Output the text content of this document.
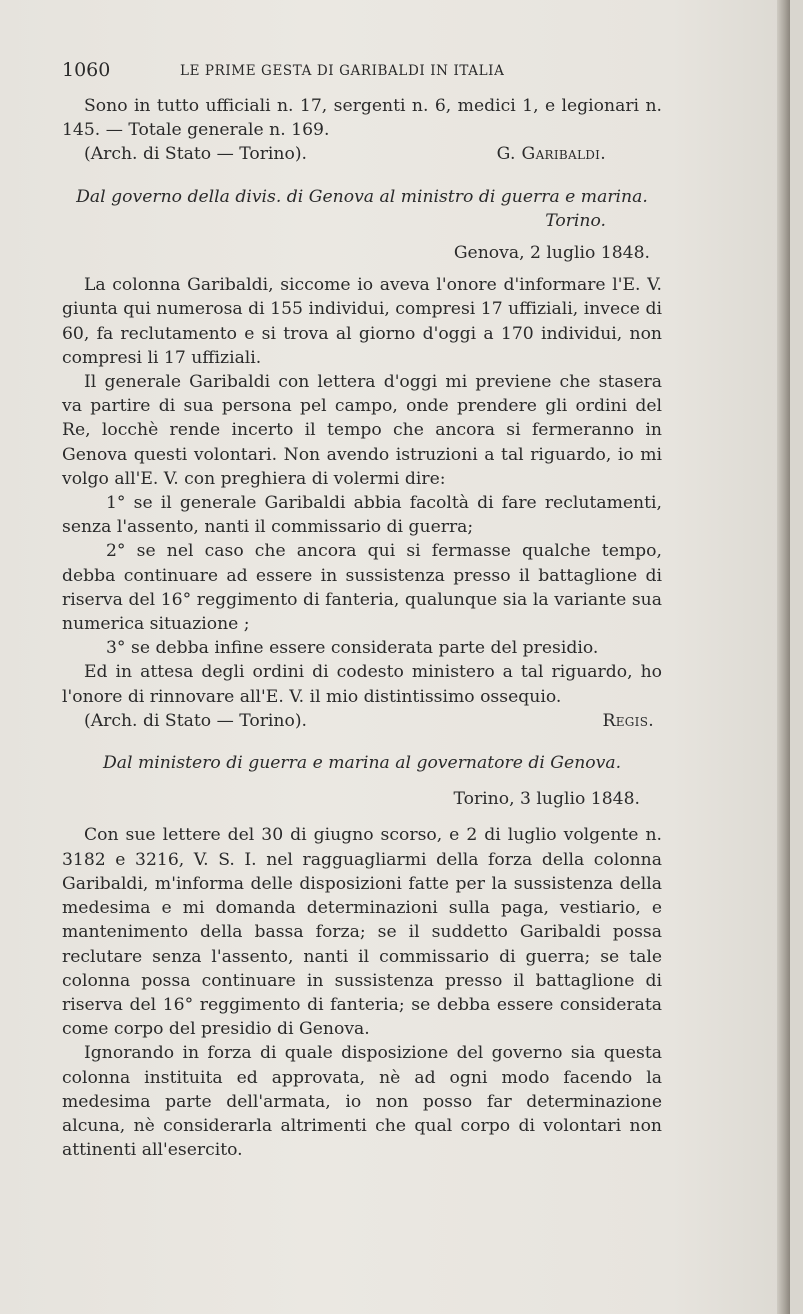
1060	LE PRIME GESTA DI GARIBALDI IN ITALIA

Sono in tutto ufficiali n. 17, sergenti n. 6, medici 1, e legionari n. 145. — Totale generale n. 169.

(Arch. di Stato — Torino).	G. Garibaldi.
Dal governo della divis. di Genova al ministro di guerra e marina.
Torino.
Genova, 2 luglio 1848.

La colonna Garibaldi, siccome io aveva l'onore d'informare l'E. V. giunta qui numerosa di 155 individui, compresi 17 uffiziali, invece di 60, fa reclutamento e si trova al giorno d'oggi a 170 individui, non compresi li 17 uffiziali.

Il generale Garibaldi con lettera d'oggi mi previene che stasera va partire di sua persona pel campo, onde prendere gli ordini del Re, locchè rende incerto il tempo che ancora si fermeranno in Genova questi volontari. Non avendo istruzioni a tal riguardo, io mi volgo all'E. V. con preghiera di volermi dire:

1° se il generale Garibaldi abbia facoltà di fare reclutamenti, senza l'assento, nanti il commissario di guerra;

2° se nel caso che ancora qui si fermasse qualche tempo, debba continuare ad essere in sussistenza presso il battaglione di riserva del 16° reggimento di fanteria, qualunque sia la variante sua numerica situazione ;

3° se debba infine essere considerata parte del presidio.

Ed in attesa degli ordini di codesto ministero a tal riguardo, ho l'onore di rinnovare all'E. V. il mio distintissimo ossequio.

(Arch. di Stato — Torino).	Regis.
Dal ministero di guerra e marina al governatore di Genova.
Torino, 3 luglio 1848.

Con sue lettere del 30 di giugno scorso, e 2 di luglio volgente n. 3182 e 3216, V. S. I. nel ragguagliarmi della forza della colonna Garibaldi, m'informa delle disposizioni fatte per la sussistenza della medesima e mi domanda determinazioni sulla paga, vestiario, e mantenimento della bassa forza; se il suddetto Garibaldi possa reclutare senza l'assento, nanti il commissario di guerra; se tale colonna possa continuare in sussistenza presso il battaglione di riserva del 16° reggimento di fanteria; se debba essere considerata come corpo del presidio di Genova.

Ignorando in forza di quale disposizione del governo sia questa colonna instituita ed approvata, nè ad ogni modo facendo la medesima parte dell'armata, io non posso far determinazione alcuna, nè considerarla altrimenti che qual corpo di volontari non attinenti all'esercito.
